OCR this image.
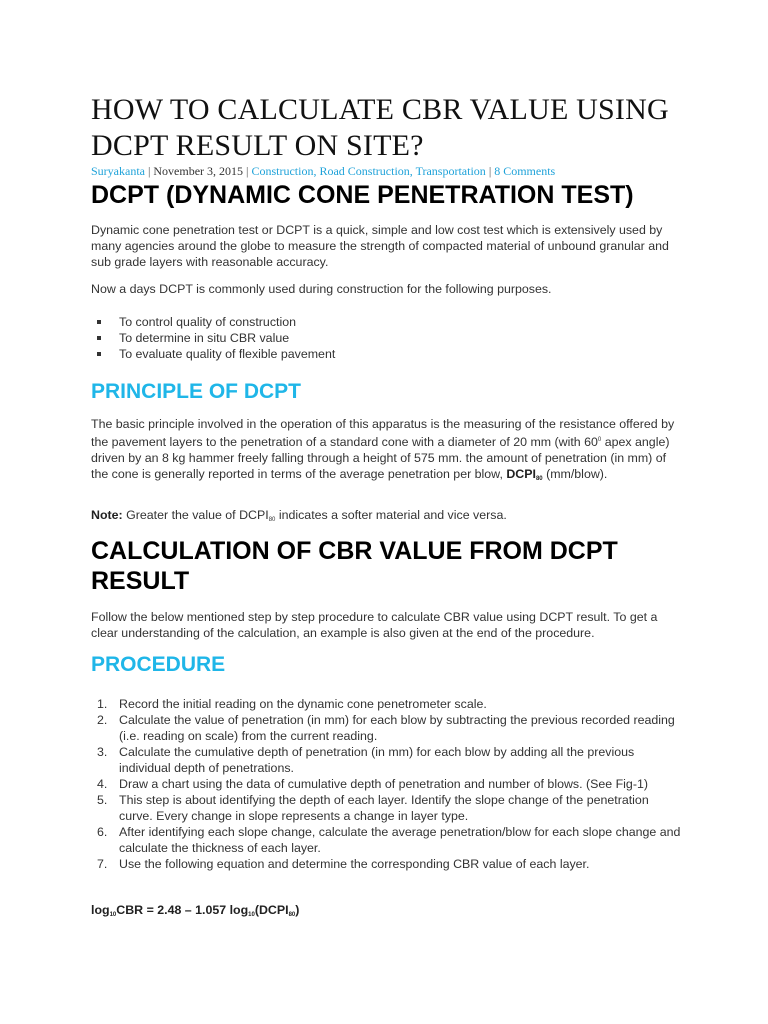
HOW TO CALCULATE CBR VALUE USING DCPT RESULT ON SITE?
Suryakanta | November 3, 2015 | Construction, Road Construction, Transportation | 8 Comments
DCPT (DYNAMIC CONE PENETRATION TEST)

Dynamic cone penetration test or DCPT is a quick, simple and low cost test which is extensively used by many agencies around the globe to measure the strength of compacted material of unbound granular and sub grade layers with reasonable accuracy.

Now a days DCPT is commonly used during construction for the following purposes.

To control quality of construction
To determine in situ CBR value
To evaluate quality of flexible pavement
PRINCIPLE OF DCPT

The basic principle involved in the operation of this apparatus is the measuring of the resistance offered by the pavement layers to the penetration of a standard cone with a diameter of 20 mm (with $60^0$ apex angle) driven by an 8 kg hammer freely falling through a height of 575 mm. the amount of penetration (in mm) of the cone is generally reported in terms of the average penetration per blow, $DCPI_{80}$ (mm/blow).

Note: Greater the value of $DCPI_{80}$ indicates a softer material and vice versa.

CALCULATION OF CBR VALUE FROM DCPT RESULT

Follow the below mentioned step by step procedure to calculate CBR value using DCPT result. To get a clear understanding of the calculation, an example is also given at the end of the procedure.

PROCEDURE
1. Record the initial reading on the dynamic cone penetrometer scale.
2. Calculate the value of penetration (in mm) for each blow by subtracting the previous recorded reading (i.e. reading on scale) from the current reading.
3. Calculate the cumulative depth of penetration (in mm) for each blow by adding all the previous individual depth of penetrations.
4. Draw a chart using the data of cumulative depth of penetration and number of blows. (See Fig-1)
5. This step is about identifying the depth of each layer. Identify the slope change of the penetration curve. Every change in slope represents a change in layer type.
6. After identifying each slope change, calculate the average penetration/blow for each slope change and calculate the thickness of each layer.
7. Use the following equation and determine the corresponding CBR value of each layer.
$\log_{10}CBR = 2.48 - 1.057$ $\log_{10}(DCPI_{80})$
